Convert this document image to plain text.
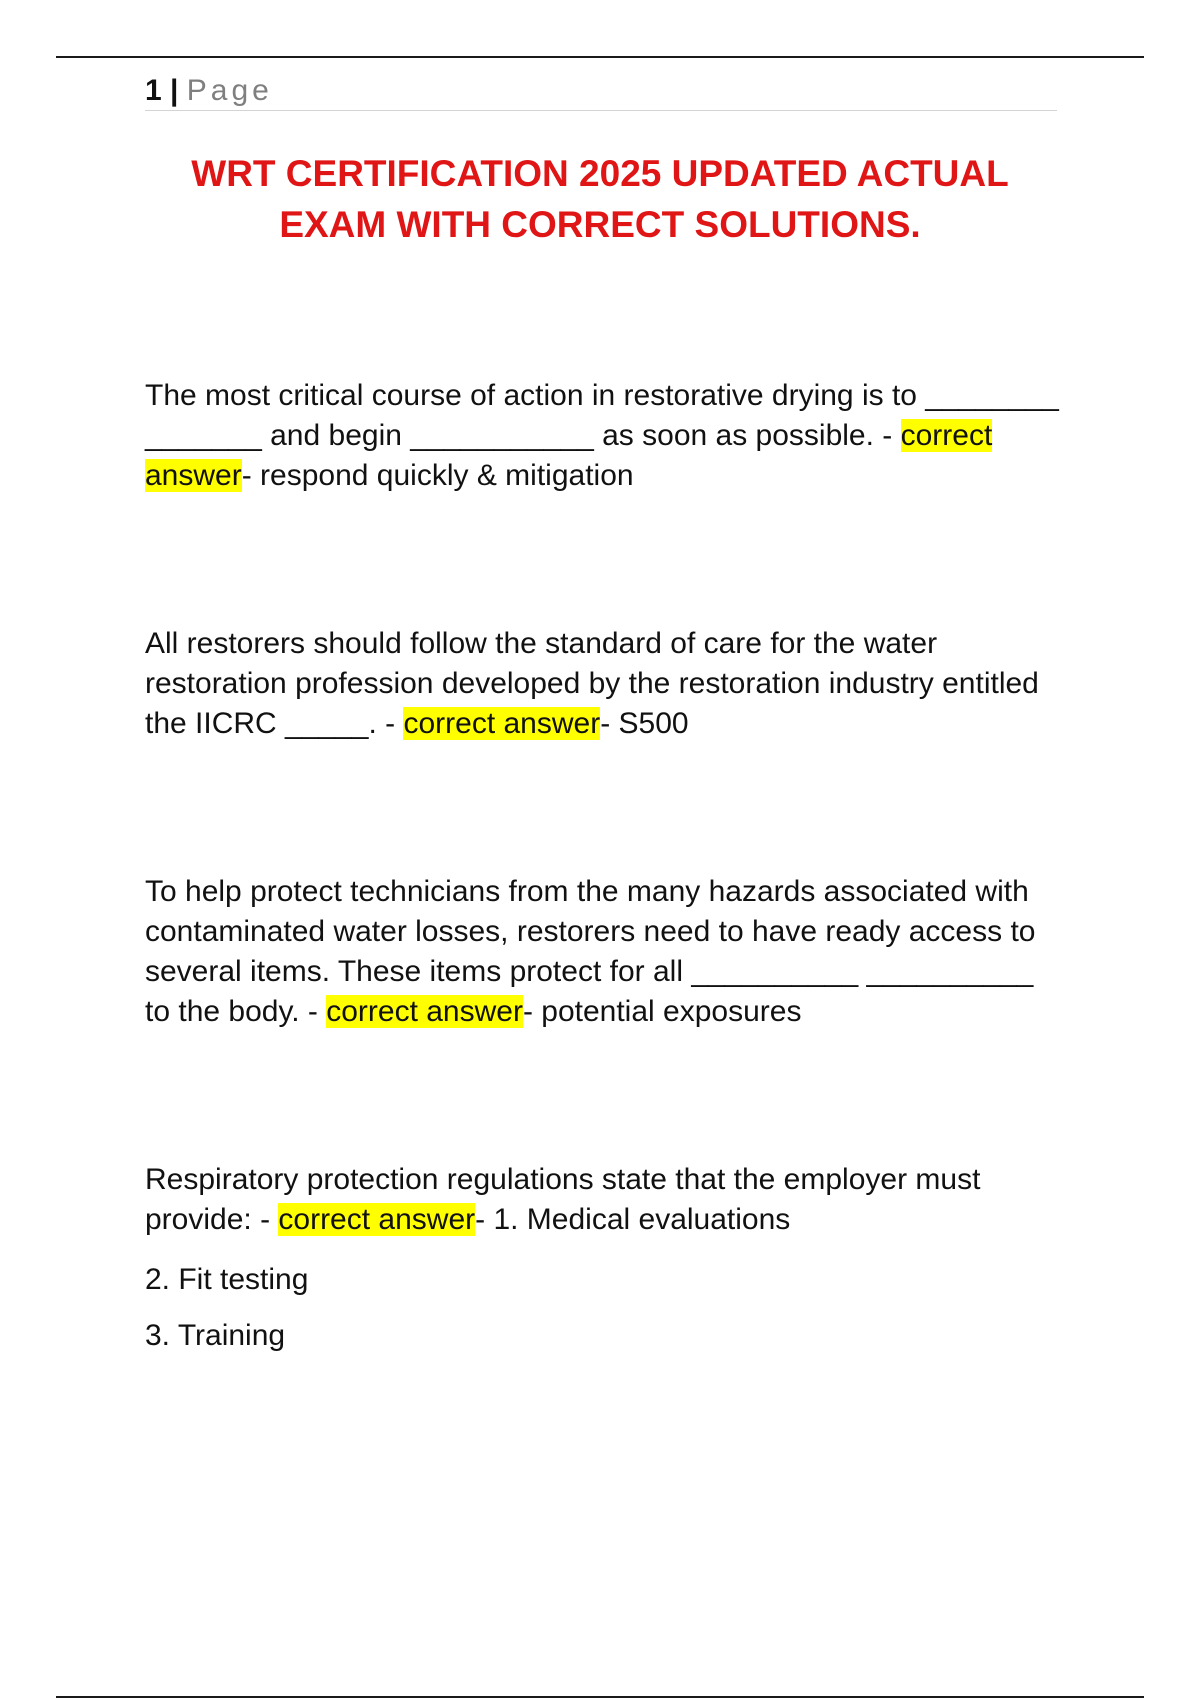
1 | Page
WRT CERTIFICATION 2025 UPDATED ACTUAL
EXAM WITH CORRECT SOLUTIONS.

The most critical course of action in restorative drying is to ________ _______ and begin ___________ as soon as possible. - correct answer- respond quickly & mitigation

All restorers should follow the standard of care for the water restoration profession developed by the restoration industry entitled the IICRC _____. - correct answer- S500

To help protect technicians from the many hazards associated with contaminated water losses, restorers need to have ready access to several items. These items protect for all __________ __________ to the body. - correct answer- potential exposures

Respiratory protection regulations state that the employer must provide: - correct answer- 1. Medical evaluations

2. Fit testing

3. Training
